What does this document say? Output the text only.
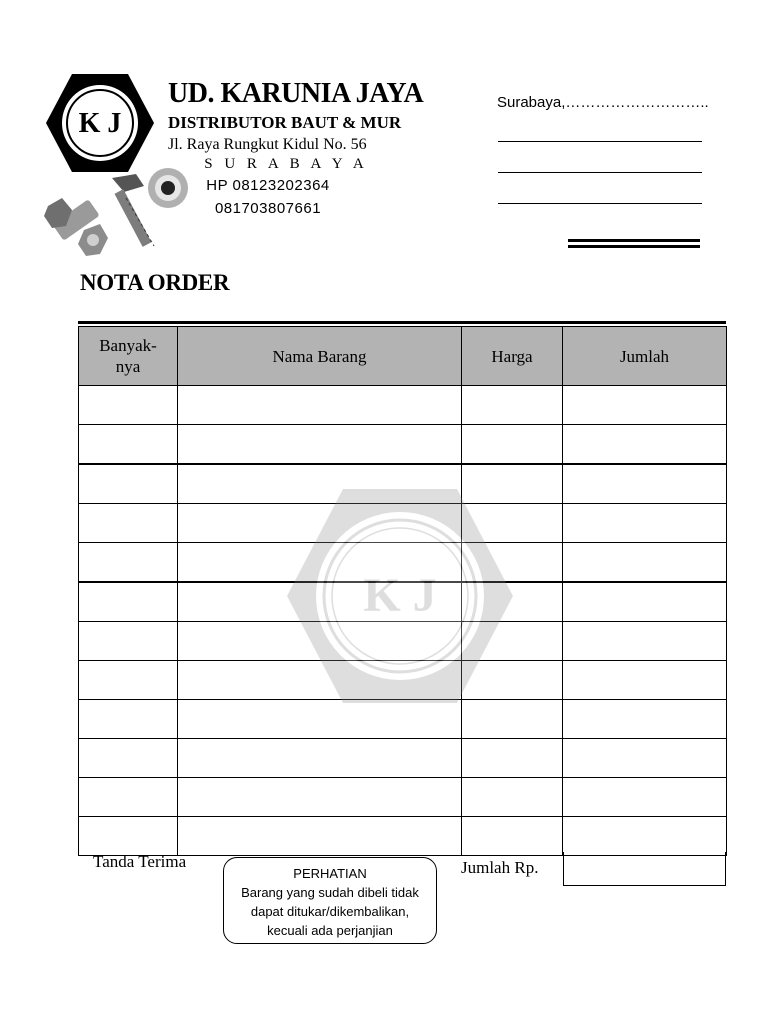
K J
UD. KARUNIA JAYA
DISTRIBUTOR BAUT & MUR
Jl. Raya Rungkut Kidul No. 56
S U R A B A Y A
HP 08123202364
081703807661
Surabaya,………………………..
NOTA ORDER
Banyak-
nya	Nama Barang	Harga	Jumlah

K J
Tanda Terima
PERHATIAN
Barang yang sudah dibeli tidak
dapat ditukar/dikembalikan,
kecuali ada perjanjian
Jumlah Rp.
